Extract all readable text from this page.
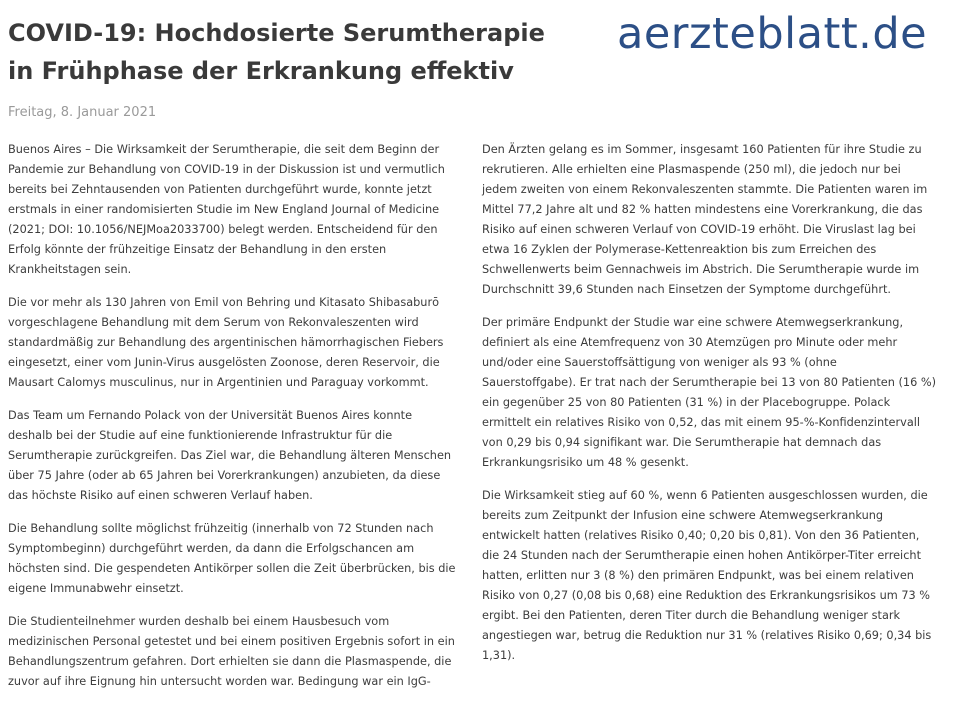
COVID-19: Hochdosierte Serumtherapie
in Frühphase der Erkrankung effektiv
aerzteblatt.de
Freitag, 8. Januar 2021

Buenos Aires – Die Wirksamkeit der Serumtherapie, die seit dem Beginn der
Pandemie zur Behandlung von COVID-19 in der Diskussion ist und vermutlich
bereits bei Zehntausenden von Patienten durchgeführt wurde, konnte jetzt
erstmals in einer randomisierten Studie im New England Journal of Medicine
(2021; DOI: 10.1056/NEJMoa2033700) belegt werden. Entscheidend für den
Erfolg könnte der frühzeitige Einsatz der Behandlung in den ersten
Krankheitstagen sein.

Die vor mehr als 130 Jahren von Emil von Behring und Kitasato Shibasaburō
vorgeschlagene Behandlung mit dem Serum von Rekonvaleszenten wird
standardmäßig zur Behandlung des argentinischen hämorrhagischen Fiebers
eingesetzt, einer vom Junin-Virus ausgelösten Zoonose, deren Reservoir, die
Mausart Calomys musculinus, nur in Argentinien und Paraguay vorkommt.

Das Team um Fernando Polack von der Universität Buenos Aires konnte
deshalb bei der Studie auf eine funktionierende Infrastruktur für die
Serumtherapie zurückgreifen. Das Ziel war, die Behandlung älteren Menschen
über 75 Jahre (oder ab 65 Jahren bei Vorerkrankungen) anzubieten, da diese
das höchste Risiko auf einen schweren Verlauf haben.

Die Behandlung sollte möglichst frühzeitig (innerhalb von 72 Stunden nach
Symptombeginn) durchgeführt werden, da dann die Erfolgschancen am
höchsten sind. Die gespendeten Antikörper sollen die Zeit überbrücken, bis die
eigene Immunabwehr einsetzt.

Die Studienteilnehmer wurden deshalb bei einem Hausbesuch vom
medizinischen Personal getestet und bei einem positiven Ergebnis sofort in ein
Behandlungszentrum gefahren. Dort erhielten sie dann die Plasmaspende, die
zuvor auf ihre Eignung hin untersucht worden war. Bedingung war ein IgG-

Den Ärzten gelang es im Sommer, insgesamt 160 Patienten für ihre Studie zu
rekrutieren. Alle erhielten eine Plasmaspende (250 ml), die jedoch nur bei
jedem zweiten von einem Rekonvaleszenten stammte. Die Patienten waren im
Mittel 77,2 Jahre alt und 82 % hatten mindestens eine Vorerkrankung, die das
Risiko auf einen schweren Verlauf von COVID-19 erhöht. Die Viruslast lag bei
etwa 16 Zyklen der Polymerase-Kettenreaktion bis zum Erreichen des
Schwellenwerts beim Gennachweis im Abstrich. Die Serumtherapie wurde im
Durchschnitt 39,6 Stunden nach Einsetzen der Symptome durchgeführt.

Der primäre Endpunkt der Studie war eine schwere Atemwegserkrankung,
definiert als eine Atemfrequenz von 30 Atemzügen pro Minute oder mehr
und/oder eine Sauerstoffsättigung von weniger als 93 % (ohne
Sauerstoffgabe). Er trat nach der Serumtherapie bei 13 von 80 Patienten (16 %)
ein gegenüber 25 von 80 Patienten (31 %) in der Placebogruppe. Polack
ermittelt ein relatives Risiko von 0,52, das mit einem 95-%-Konfidenzintervall
von 0,29 bis 0,94 signifikant war. Die Serumtherapie hat demnach das
Erkrankungsrisiko um 48 % gesenkt.

Die Wirksamkeit stieg auf 60 %, wenn 6 Patienten ausgeschlossen wurden, die
bereits zum Zeitpunkt der Infusion eine schwere Atemwegserkrankung
entwickelt hatten (relatives Risiko 0,40; 0,20 bis 0,81). Von den 36 Patienten,
die 24 Stunden nach der Serumtherapie einen hohen Antikörper-Titer erreicht
hatten, erlitten nur 3 (8 %) den primären Endpunkt, was bei einem relativen
Risiko von 0,27 (0,08 bis 0,68) eine Reduktion des Erkrankungsrisikos um 73 %
ergibt. Bei den Patienten, deren Titer durch die Behandlung weniger stark
angestiegen war, betrug die Reduktion nur 31 % (relatives Risiko 0,69; 0,34 bis
1,31).
